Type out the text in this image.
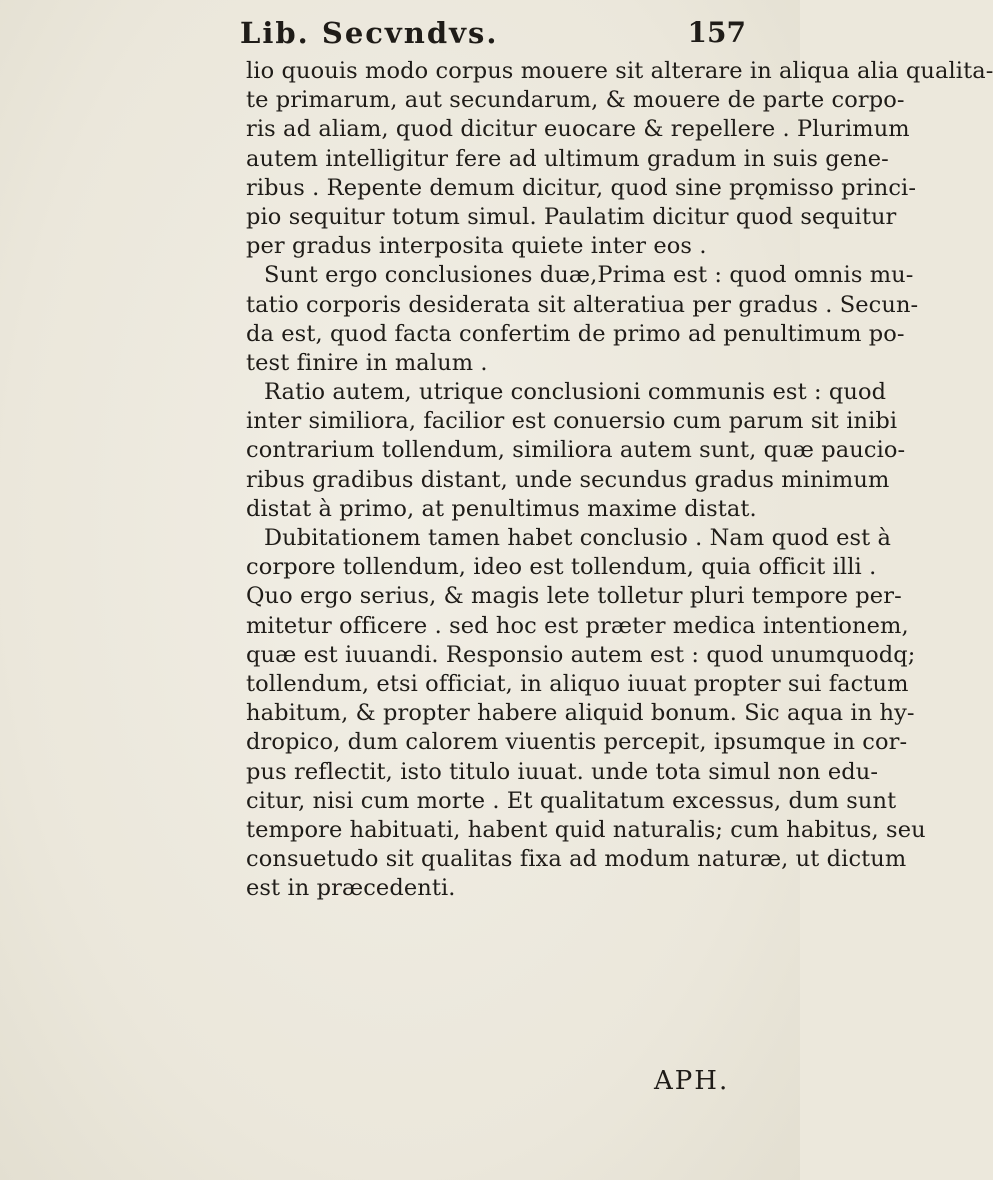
Lib. Secvndvs.	157
lio quouis modo corpus mouere sit alterare in aliqua alia qualita-
te primarum, aut secundarum, & mouere de parte corpo-
ris ad aliam, quod dicitur euocare & repellere . Plurimum
autem intelligitur fere ad ultimum gradum in suis gene-
ribus . Repente demum dicitur, quod sine prǫmisso princi-
pio sequitur totum simul. Paulatim dicitur quod sequitur
per gradus interposita quiete inter eos .
Sunt ergo conclusiones duæ,Prima est : quod omnis mu-
tatio corporis desiderata sit alteratiua per gradus . Secun-
da est, quod facta confertim de primo ad penultimum po-
test finire in malum .
Ratio autem, utrique conclusioni communis est : quod
inter similiora, facilior est conuersio cum parum sit inibi
contrarium tollendum, similiora autem sunt, quæ paucio-
ribus gradibus distant, unde secundus gradus minimum
distat à primo, at penultimus maxime distat.
Dubitationem tamen habet conclusio . Nam quod est à
corpore tollendum, ideo est tollendum, quia officit illi .
Quo ergo serius, & magis lete tolletur pluri tempore per-
mitetur officere . sed hoc est præter medica intentionem,
quæ est iuuandi. Responsio autem est : quod unumquodq;
tollendum, etsi officiat, in aliquo iuuat propter sui factum
habitum, & propter habere aliquid bonum. Sic aqua in hy-
dropico, dum calorem viuentis percepit, ipsumque in cor-
pus reflectit, isto titulo iuuat. unde tota simul non edu-
citur, nisi cum morte . Et qualitatum excessus, dum sunt
tempore habituati, habent quid naturalis; cum habitus, seu
consuetudo sit qualitas fixa ad modum naturæ, ut dictum
est in præcedenti.
APH.
